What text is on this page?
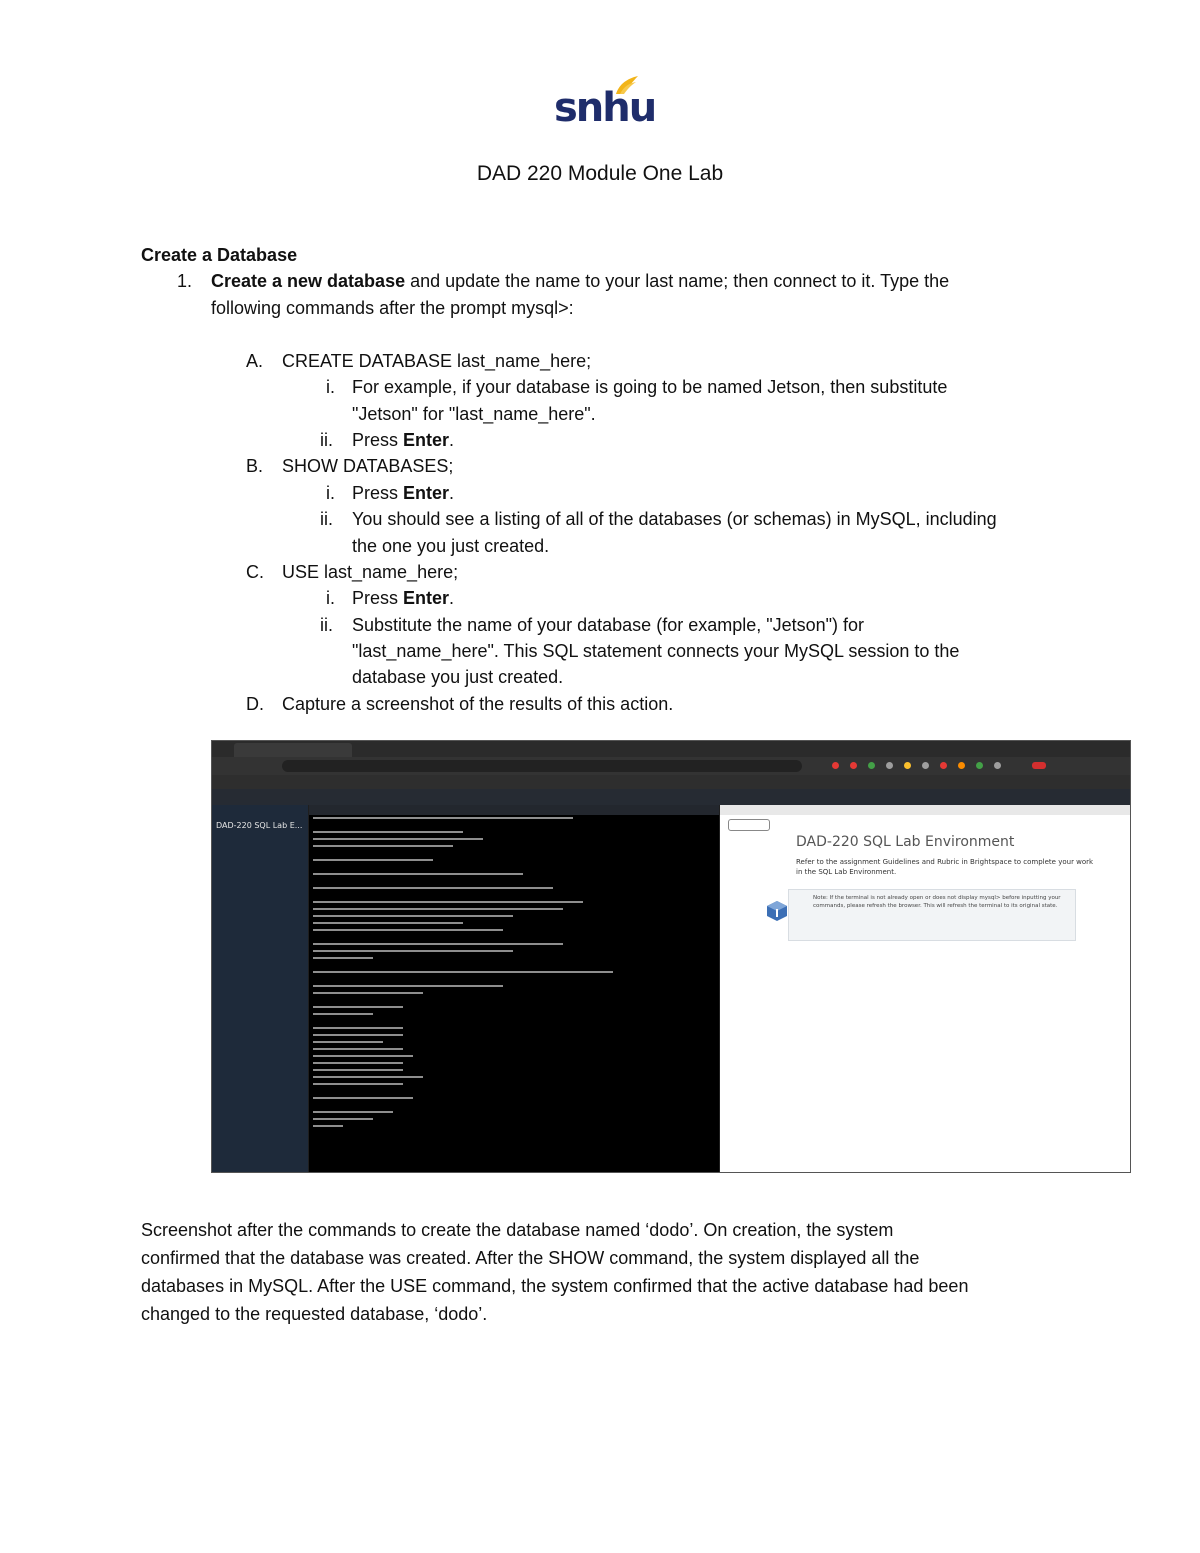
snhu
DAD 220 Module One Lab
Create a Database
1. Create a new database and update the name to your last name; then connect to it. Type the
following commands after the prompt mysql>:
A. CREATE DATABASE last_name_here;
i. For example, if your database is going to be named Jetson, then substitute
"Jetson" for "last_name_here".
ii. Press Enter.
B. SHOW DATABASES;
i. Press Enter.
ii. You should see a listing of all of the databases (or schemas) in MySQL, including
the one you just created.
C. USE last_name_here;
i. Press Enter.
ii. Substitute the name of your database (for example, "Jetson") for
"last_name_here". This SQL statement connects your MySQL session to the
database you just created.
D. Capture a screenshot of the results of this action.
DAD-220 SQL Lab E...
DAD-220 SQL Lab Environment
Refer to the assignment Guidelines and Rubric in Brightspace to complete your work in the SQL Lab Environment.
Note: If the terminal is not already open or does not display mysql> before inputting your commands, please refresh the browser. This will refresh the terminal to its original state.
Screenshot after the commands to create the database named ‘dodo’. On creation, the system
confirmed that the database was created. After the SHOW command, the system displayed all the
databases in MySQL. After the USE command, the system confirmed that the active database had been
changed to the requested database, ‘dodo’.
